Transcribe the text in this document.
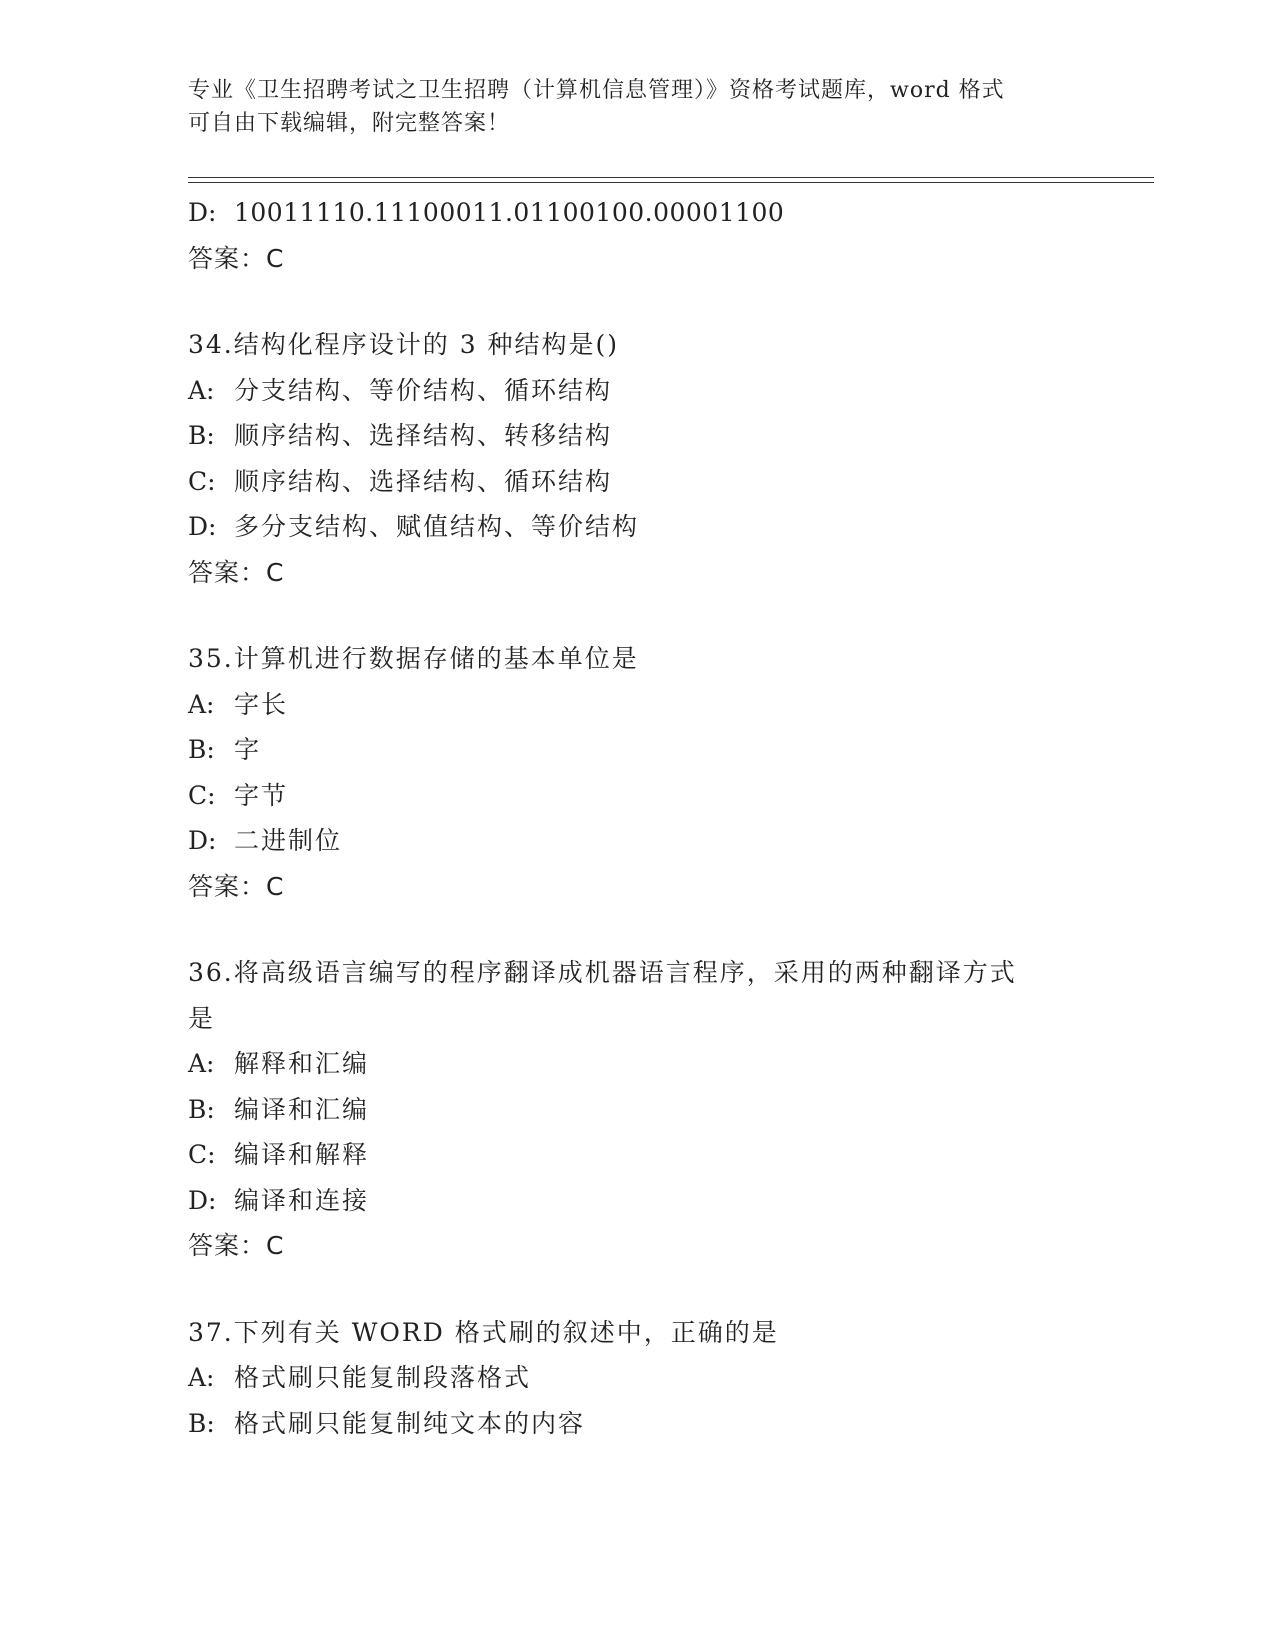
专业《卫生招聘考试之卫生招聘（计算机信息管理）》资格考试题库，word 格式
可自由下载编辑，附完整答案！
D: 10011110.11100011.01100100.00001100
答案：C
34.结构化程序设计的 3 种结构是()
A: 分支结构、等价结构、循环结构
B: 顺序结构、选择结构、转移结构
C: 顺序结构、选择结构、循环结构
D: 多分支结构、赋值结构、等价结构
答案：C
35.计算机进行数据存储的基本单位是
A: 字长
B: 字
C: 字节
D: 二进制位
答案：C
36.将高级语言编写的程序翻译成机器语言程序，采用的两种翻译方式
是
A: 解释和汇编
B: 编译和汇编
C: 编译和解释
D: 编译和连接
答案：C
37.下列有关 WORD 格式刷的叙述中，正确的是
A: 格式刷只能复制段落格式
B: 格式刷只能复制纯文本的内容
